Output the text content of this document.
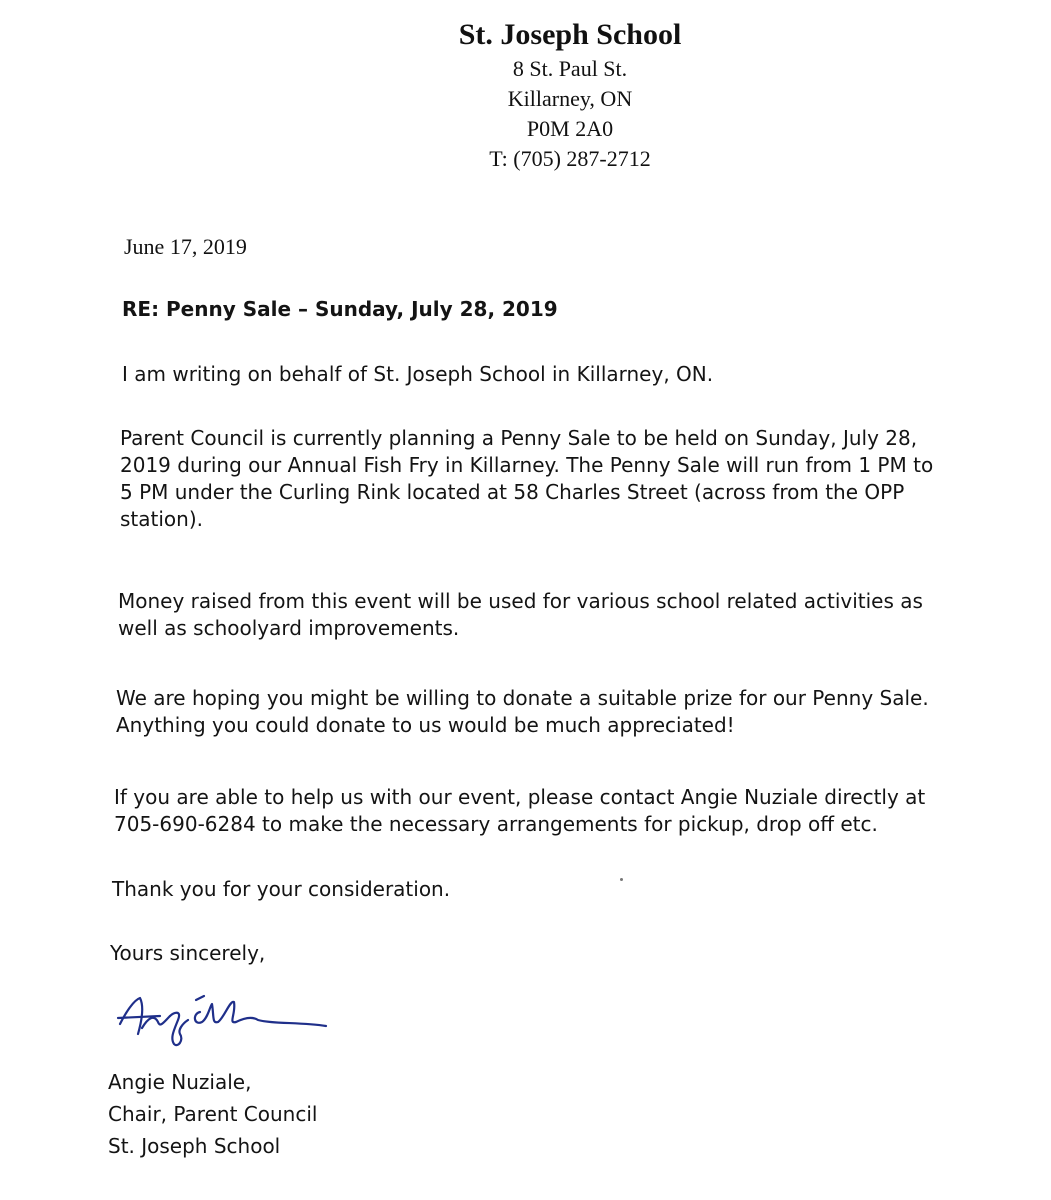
St. Joseph School
8 St. Paul St.
Killarney, ON
P0M 2A0
T: (705) 287-2712
June 17, 2019
RE: Penny Sale – Sunday, July 28, 2019
I am writing on behalf of St. Joseph School in Killarney, ON.
Parent Council is currently planning a Penny Sale to be held on Sunday, July 28,
2019 during our Annual Fish Fry in Killarney. The Penny Sale will run from 1 PM to
5 PM under the Curling Rink located at 58 Charles Street (across from the OPP
station).
Money raised from this event will be used for various school related activities as
well as schoolyard improvements.
We are hoping you might be willing to donate a suitable prize for our Penny Sale.
Anything you could donate to us would be much appreciated!
If you are able to help us with our event, please contact Angie Nuziale directly at
705-690-6284 to make the necessary arrangements for pickup, drop off etc.
Thank you for your consideration.
Yours sincerely,
Angie Nuziale,
Chair, Parent Council
St. Joseph School
